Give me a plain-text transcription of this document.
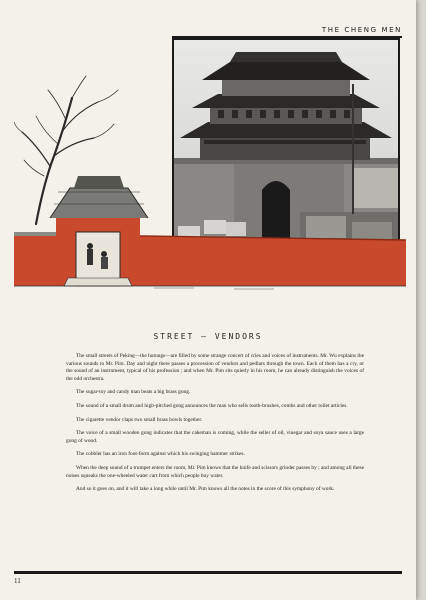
THE CHENG MEN
STREET — VENDORS

The small streets of Peking—the hutungs—are filled by some strange concert of cries and voices of instruments. Mr. Wu explains the various sounds to Mr. Pim. Day and night there passes a procession of vendors and pedlars through the town. Each of them has a cry, or the sound of an instrument, typical of his profession ; and when Mr. Pim sits quietly in his room, he can already distinguish the voices of the odd orchestra.

The sugar-toy and candy man beats a big brass gong.

The sound of a small drum and high-pitched gong announces the man who sells tooth-brushes, combs and other toilet articles.

The cigarette vendor claps two small brass bowls together.

The voice of a small wooden gong indicates that the cakeman is coming, while the seller of oil, vinegar and soya sauce uses a large gong of wood.

The cobbler has an iron foot-form against which his swinging hammer strikes.

When the deep sound of a trumpet enters the room, Mr. Pim knows that the knife and scissors grinder passes by ; and among all these noises squeaks the one-wheeled water cart from which people buy water.

And so it goes on, and it will take a long while until Mr. Pim knows all the notes in the score of this symphony of work.

11
